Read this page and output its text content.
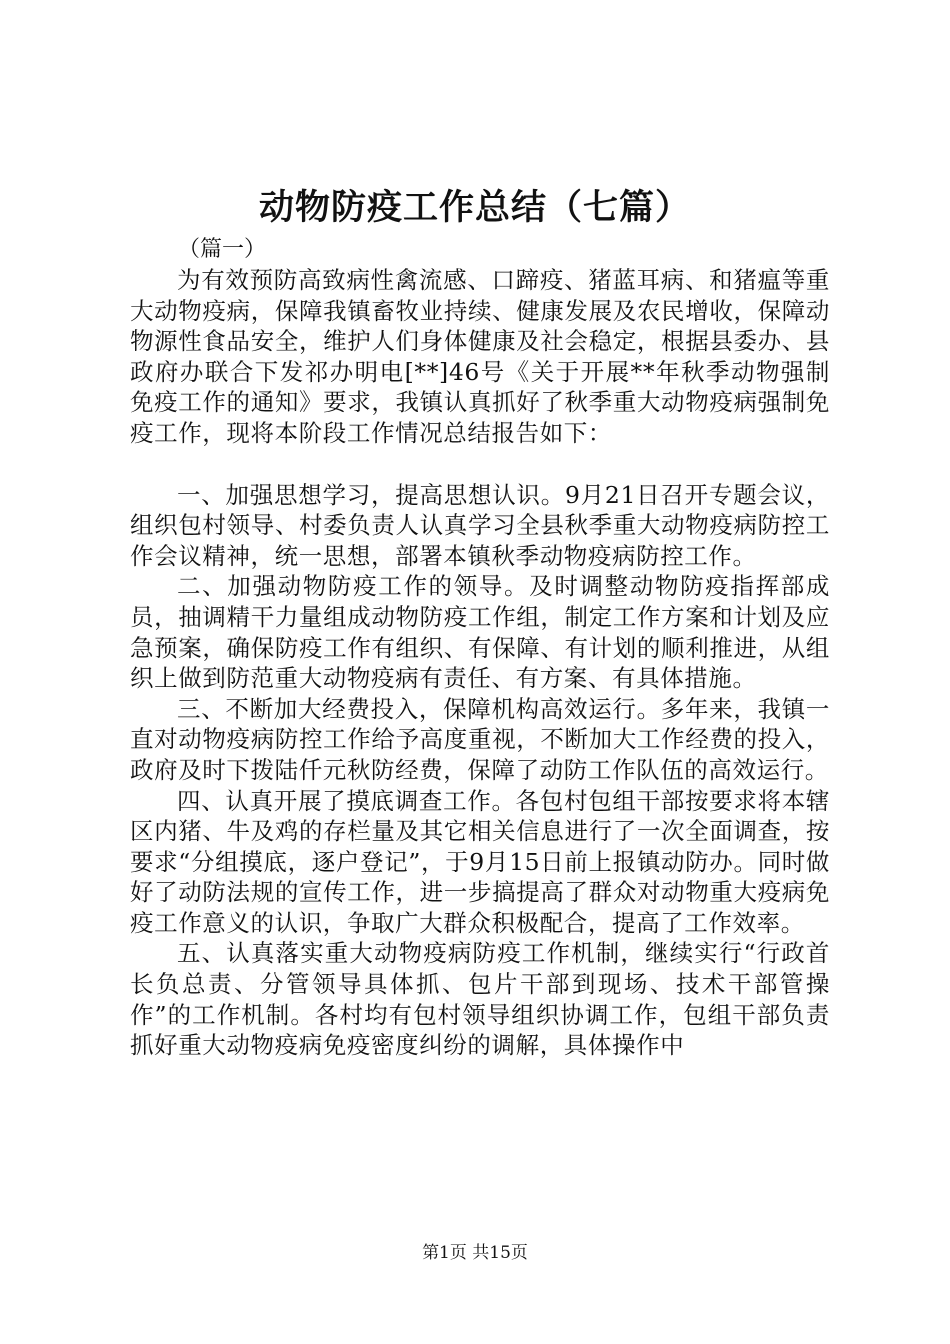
动物防疫工作总结（七篇）

（篇一）

为有效预防高致病性禽流感、口蹄疫、猪蓝耳病、和猪瘟等重大动物疫病，保障我镇畜牧业持续、健康发展及农民增收，保障动物源性食品安全，维护人们身体健康及社会稳定，根据县委办、县政府办联合下发祁办明电[**]46号《关于开展**年秋季动物强制免疫工作的通知》要求，我镇认真抓好了秋季重大动物疫病强制免疫工作，现将本阶段工作情况总结报告如下：

一、加强思想学习，提高思想认识。9月21日召开专题会议，组织包村领导、村委负责人认真学习全县秋季重大动物疫病防控工作会议精神，统一思想，部署本镇秋季动物疫病防控工作。

二、加强动物防疫工作的领导。及时调整动物防疫指挥部成员，抽调精干力量组成动物防疫工作组，制定工作方案和计划及应急预案，确保防疫工作有组织、有保障、有计划的顺利推进，从组织上做到防范重大动物疫病有责任、有方案、有具体措施。

三、不断加大经费投入，保障机构高效运行。多年来，我镇一直对动物疫病防控工作给予高度重视，不断加大工作经费的投入，政府及时下拨陆仟元秋防经费，保障了动防工作队伍的高效运行。

四、认真开展了摸底调查工作。各包村包组干部按要求将本辖区内猪、牛及鸡的存栏量及其它相关信息进行了一次全面调查，按要求“分组摸底，逐户登记”，于9月15日前上报镇动防办。同时做好了动防法规的宣传工作，进一步搞提高了群众对动物重大疫病免疫工作意义的认识，争取广大群众积极配合，提高了工作效率。

五、认真落实重大动物疫病防疫工作机制，继续实行“行政首长负总责、分管领导具体抓、包片干部到现场、技术干部管操作”的工作机制。各村均有包村领导组织协调工作，包组干部负责抓好重大动物疫病免疫密度纠纷的调解，具体操作中

第1页 共15页
